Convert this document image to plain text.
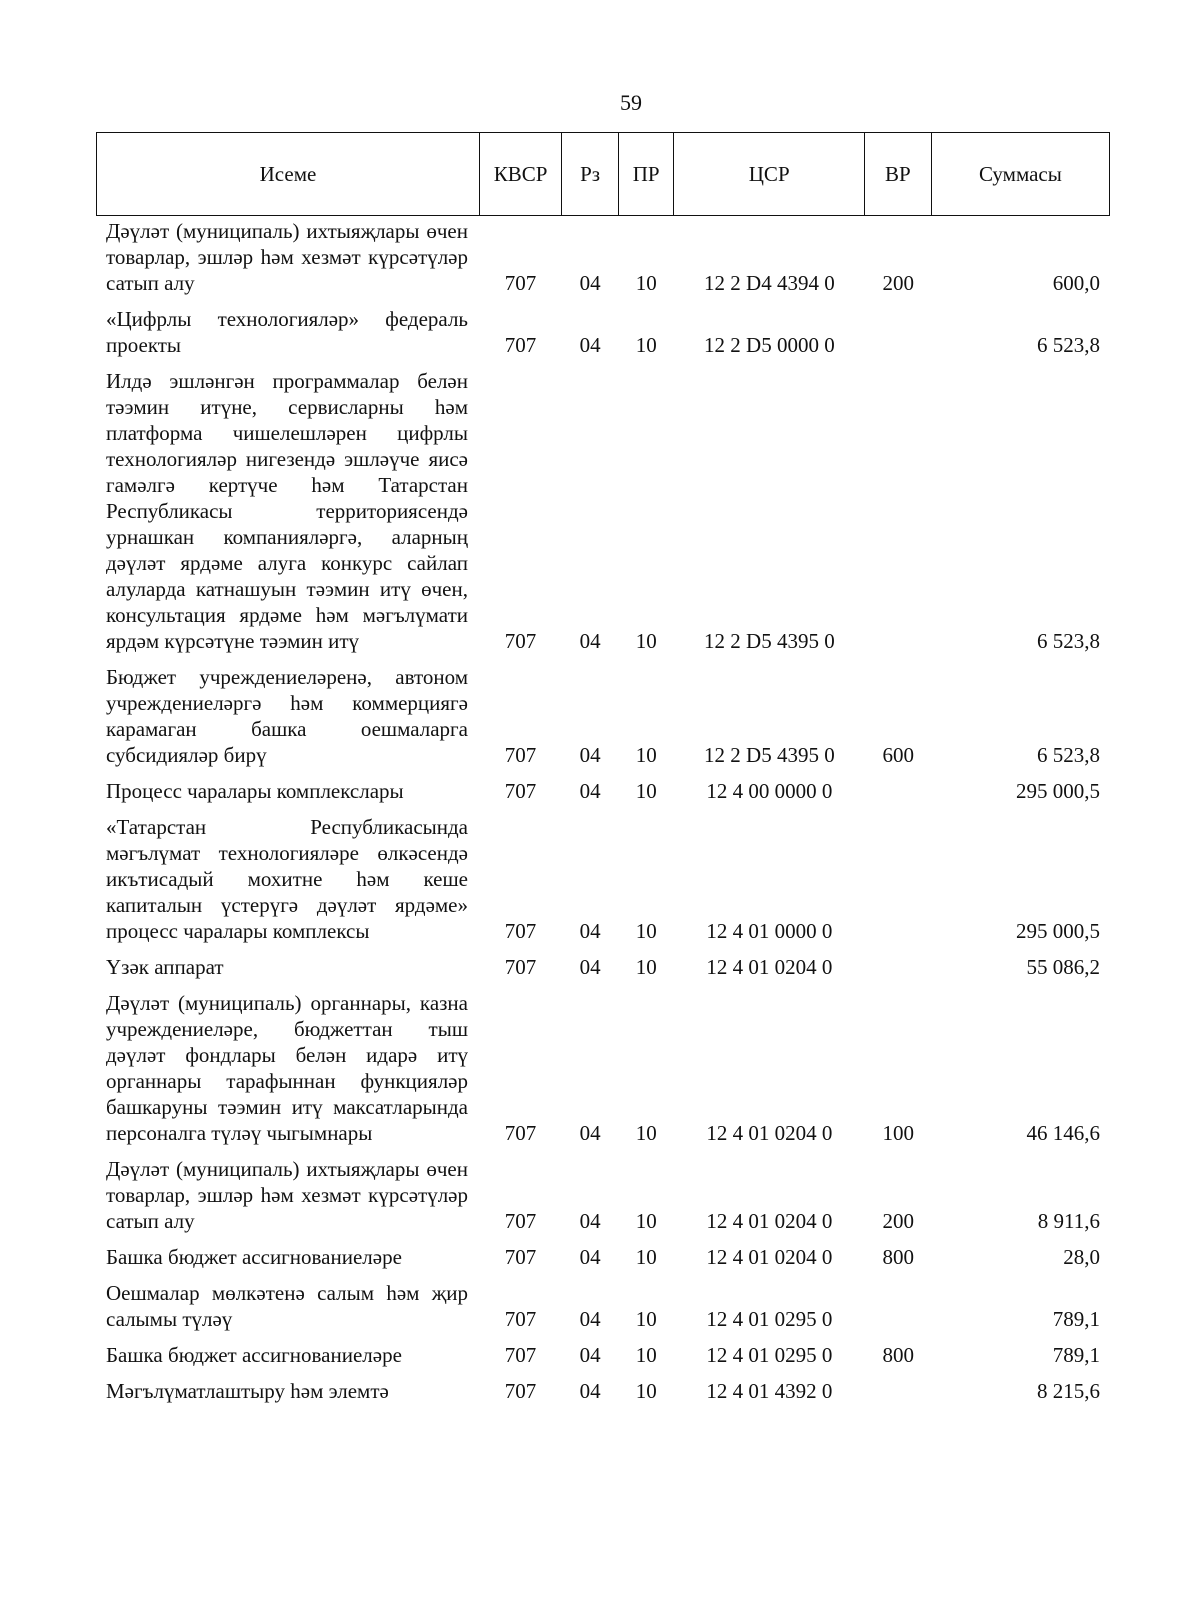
59
Исеме	КВСР	Рз	ПР	ЦСР	ВР	Суммасы
Дәүләт (муниципаль) ихтыяҗлары өчен товарлар, эшләр һәм хезмәт күрсәтүләр сатып алу	707	04	10	12 2 D4 4394 0	200	600,0

«Цифрлы технологияләр» федераль проекты	707	04	10	12 2 D5 0000 0		6 523,8

Илдә эшләнгән программалар белән тәэмин итүне, сервисларны һәм платформа чишелешләрен цифрлы технологияләр нигезендә эшләүче яисә гамәлгә кертүче һәм Татарстан Республикасы территориясендә урнашкан компанияләргә, аларның дәүләт ярдәме алуга конкурс сайлап алуларда катнашуын тәэмин итү өчен, консультация ярдәме һәм мәгълүмати ярдәм күрсәтүне тәэмин итү	707	04	10	12 2 D5 4395 0		6 523,8

Бюджет учреждениеләренә, автоном учреждениеләргә һәм коммерциягә карамаган башка оешмаларга субсидияләр бирү	707	04	10	12 2 D5 4395 0	600	6 523,8

Процесс чаралары комплекслары	707	04	10	12 4 00 0000 0		295 000,5

«Татарстан Республикасында мәгълүмат технологияләре өлкәсендә икътисадый мохитне һәм кеше капиталын үстерүгә дәүләт ярдәме» процесс чаралары комплексы	707	04	10	12 4 01 0000 0		295 000,5

Үзәк аппарат	707	04	10	12 4 01 0204 0		55 086,2

Дәүләт (муниципаль) органнары, казна учреждениеләре, бюджеттан тыш дәүләт фондлары белән идарә итү органнары тарафыннан функцияләр башкаруны тәэмин итү максатларында персоналга түләү чыгымнары	707	04	10	12 4 01 0204 0	100	46 146,6

Дәүләт (муниципаль) ихтыяҗлары өчен товарлар, эшләр һәм хезмәт күрсәтүләр сатып алу	707	04	10	12 4 01 0204 0	200	8 911,6

Башка бюджет ассигнованиеләре	707	04	10	12 4 01 0204 0	800	28,0

Оешмалар мөлкәтенә салым һәм җир салымы түләү	707	04	10	12 4 01 0295 0		789,1

Башка бюджет ассигнованиеләре	707	04	10	12 4 01 0295 0	800	789,1

Мәгълүматлаштыру һәм элемтә	707	04	10	12 4 01 4392 0		8 215,6
